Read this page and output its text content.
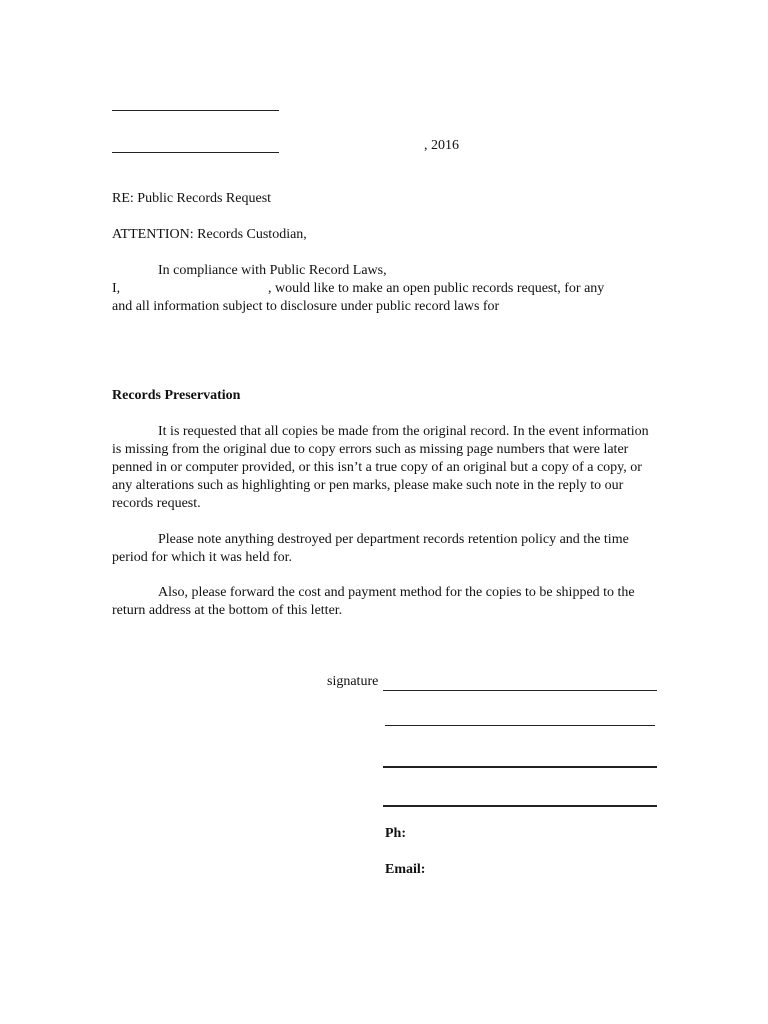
, 2016
RE: Public Records Request
ATTENTION: Records Custodian,
In compliance with Public Record Laws,
I,	, would like to make an open public records request, for any
and all information subject to disclosure under public record laws for
Records Preservation
It is requested that all copies be made from the original record. In the event information is missing from the original due to copy errors such as missing page numbers that were later penned in or computer provided, or this isn’t a true copy of an original but a copy of a copy, or any alterations such as highlighting or pen marks, please make such note in the reply to our records request.
Please note anything destroyed per department records retention policy and the time period for which it was held for.
Also, please forward the cost and payment method for the copies to be shipped to the return address at the bottom of this letter.
signature
Ph:
Email:
